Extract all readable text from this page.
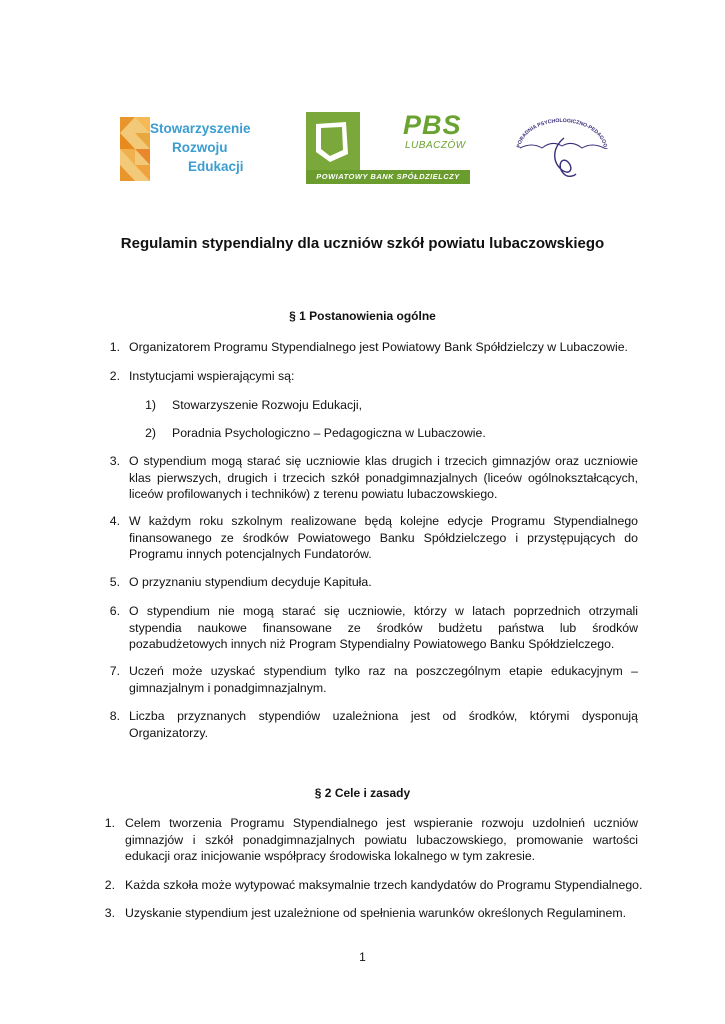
Stowarzyszenie
Rozwoju
Edukacji
PBS
LUBACZÓW
POWIATOWY BANK SPÓŁDZIELCZY
PORADNIA PSYCHOLOGICZNO-PEDAGOGI
Regulamin stypendialny dla uczniów szkół powiatu lubaczowskiego
§ 1 Postanowienia ogólne
§ 2 Cele i zasady
1
1. Organizatorem Programu Stypendialnego jest Powiatowy Bank Spółdzielczy w Lubaczowie.
2. Instytucjami wspierającymi są:
1) Stowarzyszenie Rozwoju Edukacji,
2) Poradnia Psychologiczno – Pedagogiczna w Lubaczowie.
3. O stypendium mogą starać się uczniowie klas drugich i trzecich gimnazjów oraz uczniowie
klas pierwszych, drugich i trzecich szkół ponadgimnazjalnych (liceów ogólnokształcących,
liceów profilowanych i techników) z terenu powiatu lubaczowskiego.
4. W każdym roku szkolnym realizowane będą kolejne edycje Programu Stypendialnego
finansowanego ze środków Powiatowego Banku Spółdzielczego i przystępujących do
Programu innych potencjalnych Fundatorów.
5. O przyznaniu stypendium decyduje Kapituła.
6. O stypendium nie mogą starać się uczniowie, którzy w latach poprzednich otrzymali
stypendia naukowe finansowane ze środków budżetu państwa lub środków
pozabudżetowych innych niż Program Stypendialny Powiatowego Banku Spółdzielczego.
7. Uczeń może uzyskać stypendium tylko raz na poszczególnym etapie edukacyjnym –
gimnazjalnym i ponadgimnazjalnym.
8. Liczba przyznanych stypendiów uzależniona jest od środków, którymi dysponują
Organizatorzy.
1. Celem tworzenia Programu Stypendialnego jest wspieranie rozwoju uzdolnień uczniów
gimnazjów i szkół ponadgimnazjalnych powiatu lubaczowskiego, promowanie wartości
edukacji oraz inicjowanie współpracy środowiska lokalnego w tym zakresie.
2. Każda szkoła może wytypować maksymalnie trzech kandydatów do Programu Stypendialnego.
3. Uzyskanie stypendium jest uzależnione od spełnienia warunków określonych Regulaminem.
